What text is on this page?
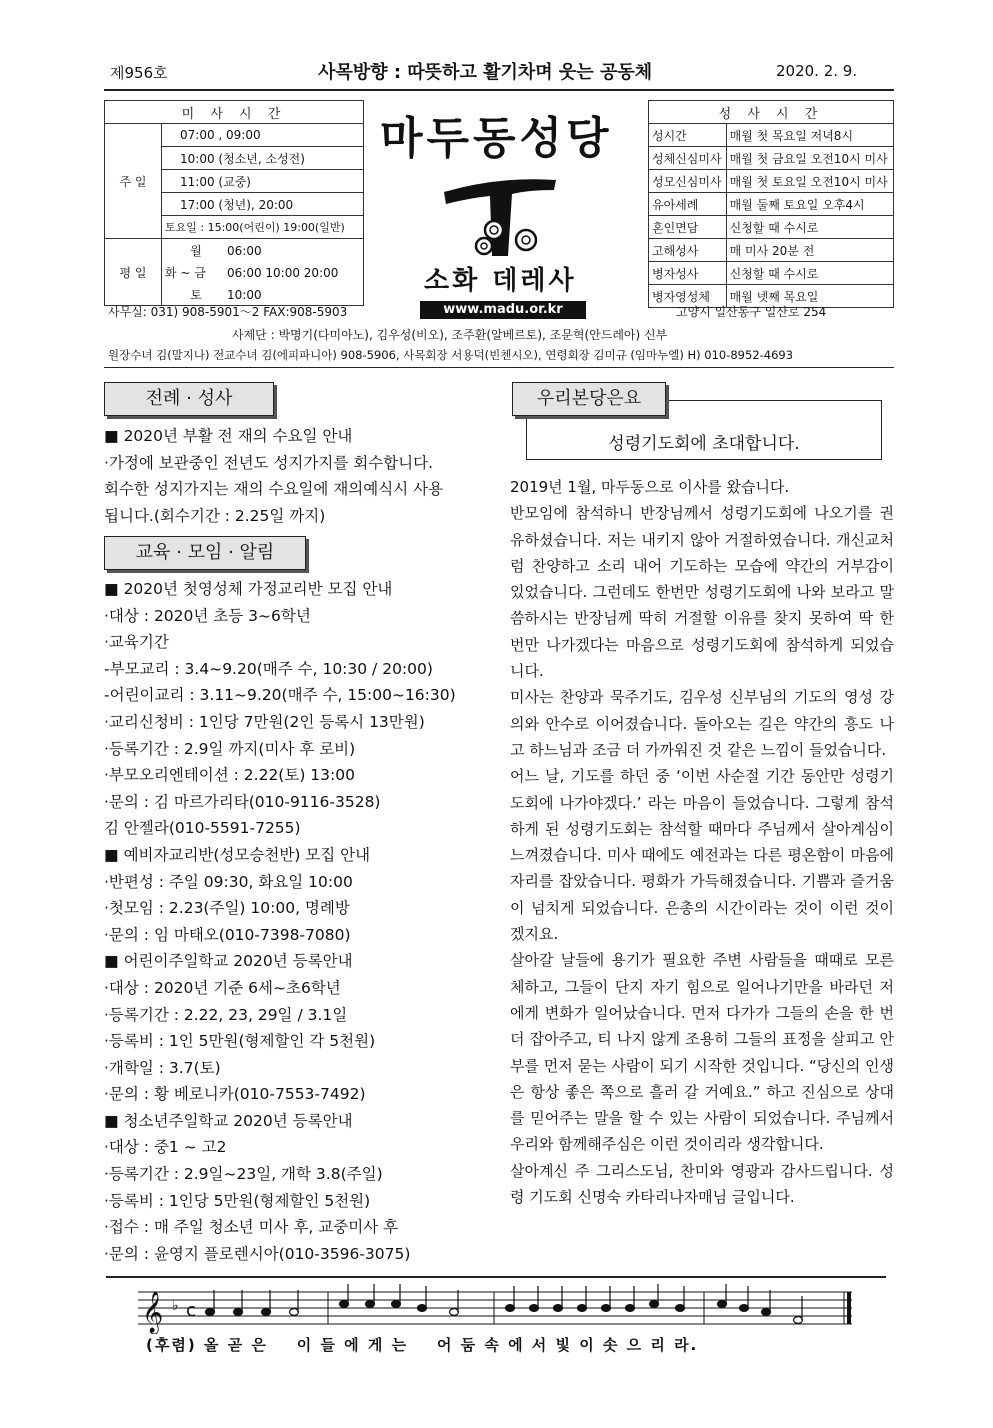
제956호	사목방향 : 따뜻하고 활기차며 웃는 공동체	2020. 2. 9.
미 사 시 간	
주 일	07:00 , 09:00
	10:00 (청소년, 소성전)
	11:00 (교중)
	17:00 (청년), 20:00
	토요일 : 15:00(어린이) 19:00(일반)
평 일	월 06:00
	화 ~ 금 06:00 10:00 20:00
	토 10:00
마두동성당
소화 데레사
www.madu.or.kr
성 사 시 간	
성시간	매월 첫 목요일 저녁8시
성체신심미사	매월 첫 금요일 오전10시 미사
성모신심미사	매월 첫 토요일 오전10시 미사
유아세례	매월 둘째 토요일 오후4시
혼인면담	신청할 때 수시로
고해성사	매 미사 20분 전
병자성사	신청할 때 수시로
병자영성체	매월 넷째 목요일
사무실: 031) 908-5901～2 FAX:908-5903	고양시 일산동구 일산로 254
사제단 : 박명기(다미아노), 김우성(비오), 조주환(알베르토), 조문혁(안드레아) 신부
원장수녀 김(말지나) 전교수녀 김(에피파니아) 908-5906, 사목회장 서용덕(빈첸시오), 연령회장 김미규 (임마누엘) H) 010-8952-4693
전례 · 성사
■ 2020년 부활 전 재의 수요일 안내
·가정에 보관중인 전년도 성지가지를 회수합니다.
회수한 성지가지는 재의 수요일에 재의예식시 사용
됩니다.(회수기간 : 2.25일 까지)
교육 · 모임 · 알림
■ 2020년 첫영성체 가정교리반 모집 안내
·대상 : 2020년 초등 3~6학년
·교육기간
-부모교리 : 3.4~9.20(매주 수, 10:30 / 20:00)
-어린이교리 : 3.11~9.20(매주 수, 15:00~16:30)
·교리신청비 : 1인당 7만원(2인 등록시 13만원)
·등록기간 : 2.9일 까지(미사 후 로비)
·부모오리엔테이션 : 2.22(토) 13:00
·문의 : 김 마르가리타(010-9116-3528)
김 안젤라(010-5591-7255)
■ 예비자교리반(성모승천반) 모집 안내
·반편성 : 주일 09:30, 화요일 10:00
·첫모임 : 2.23(주일) 10:00, 명례방
·문의 : 임 마태오(010-7398-7080)
■ 어린이주일학교 2020년 등록안내
·대상 : 2020년 기준 6세~초6학년
·등록기간 : 2.22, 23, 29일 / 3.1일
·등록비 : 1인 5만원(형제할인 각 5천원)
·개학일 : 3.7(토)
·문의 : 황 베로니카(010-7553-7492)
■ 청소년주일학교 2020년 등록안내
·대상 : 중1 ~ 고2
·등록기간 : 2.9일~23일, 개학 3.8(주일)
·등록비 : 1인당 5만원(형제할인 5천원)
·접수 : 매 주일 청소년 미사 후, 교중미사 후
·문의 : 윤영지 플로렌시아(010-3596-3075)
우리본당은요
성령기도회에 초대합니다.

2019년 1월, 마두동으로 이사를 왔습니다.

반모임에 참석하니 반장님께서 성령기도회에 나오기를 권유하셨습니다. 저는 내키지 않아 거절하였습니다. 개신교처럼 찬양하고 소리 내어 기도하는 모습에 약간의 거부감이 있었습니다. 그런데도 한번만 성령기도회에 나와 보라고 말씀하시는 반장님께 딱히 거절할 이유를 찾지 못하여 딱 한번만 나가겠다는 마음으로 성령기도회에 참석하게 되었습니다.

미사는 찬양과 묵주기도, 김우성 신부님의 기도의 영성 강의와 안수로 이어졌습니다. 돌아오는 길은 약간의 흥도 나고 하느님과 조금 더 가까워진 것 같은 느낌이 들었습니다.

어느 날, 기도를 하던 중 ‘이번 사순절 기간 동안만 성령기도회에 나가야겠다.’ 라는 마음이 들었습니다. 그렇게 참석하게 된 성령기도회는 참석할 때마다 주님께서 살아계심이 느껴졌습니다. 미사 때에도 예전과는 다른 평온함이 마음에 자리를 잡았습니다. 평화가 가득해졌습니다. 기쁨과 즐거움이 넘치게 되었습니다. 은총의 시간이라는 것이 이런 것이겠지요.

살아갈 날들에 용기가 필요한 주변 사람들을 때때로 모른 체하고, 그들이 단지 자기 힘으로 일어나기만을 바라던 저에게 변화가 일어났습니다. 먼저 다가가 그들의 손을 한 번 더 잡아주고, 티 나지 않게 조용히 그들의 표정을 살피고 안부를 먼저 묻는 사람이 되기 시작한 것입니다. “당신의 인생은 항상 좋은 쪽으로 흘러 갈 거예요.” 하고 진심으로 상대를 믿어주는 말을 할 수 있는 사람이 되었습니다. 주님께서 우리와 함께해주심은 이런 것이리라 생각합니다.

살아계신 주 그리스도님, 찬미와 영광과 감사드립니다. 성령 기도회 신명숙 카타리나자매님 글입니다.

𝄞 ♭ c
(후렴) 올 곧 은    이 들 에 게 는    어 둠 속 에 서 빛 이 솟 으 리 라.
